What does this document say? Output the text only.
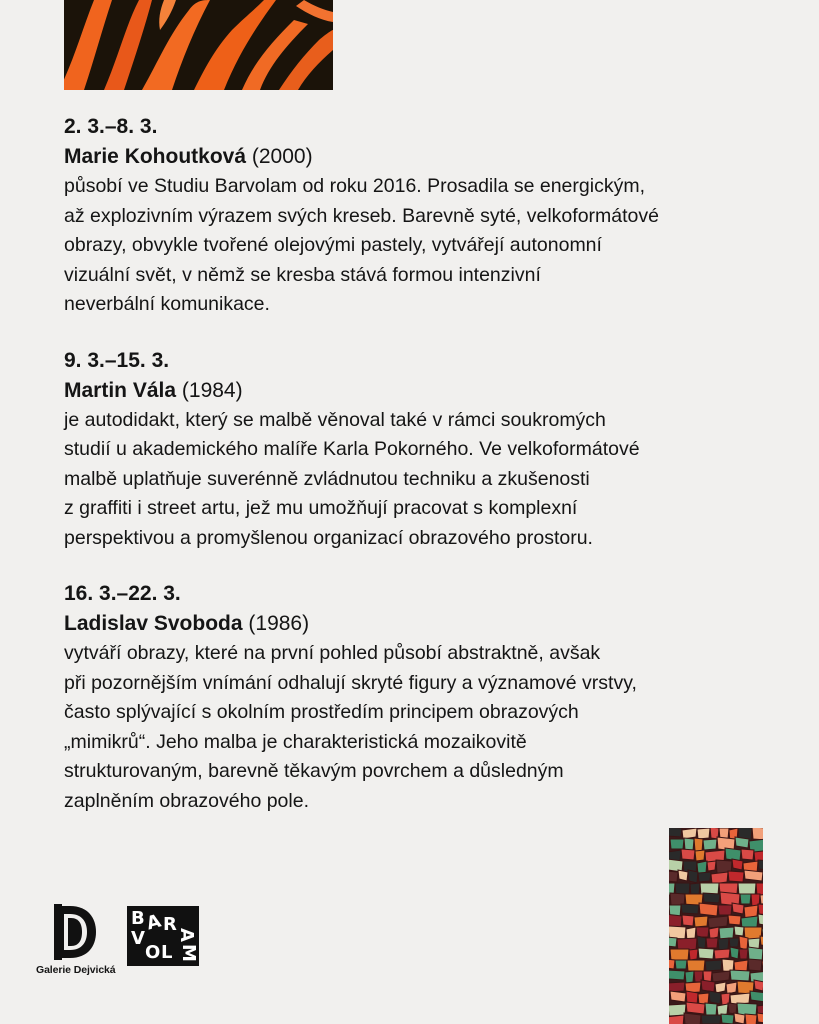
2. 3.–8. 3.
Marie Kohoutková (2000)

působí ve Studiu Barvolam od roku 2016. Prosadila se energickým,
až explozivním výrazem svých kreseb. Barevně syté, velkoformátové
obrazy, obvykle tvořené olejovými pastely, vytvářejí autonomní
vizuální svět, v němž se kresba stává formou intenzivní
neverbální komunikace.

9. 3.–15. 3.
Martin Vála (1984)

je autodidakt, který se malbě věnoval také v rámci soukromých
studií u akademického malíře Karla Pokorného. Ve velkoformátové
malbě uplatňuje suverénně zvládnutou techniku a zkušenosti
z graffiti i street artu, jež mu umožňují pracovat s komplexní
perspektivou a promyšlenou organizací obrazového prostoru.

16. 3.–22. 3.
Ladislav Svoboda (1986)

vytváří obrazy, které na první pohled působí abstraktně, avšak
při pozornějším vnímání odhalují skryté figury a významové vrstvy,
často splývající s okolním prostředím principem obrazových
„mimikrů“. Jeho malba je charakteristická mozaikovitě
strukturovaným, barevně těkavým povrchem a důsledným
zaplněním obrazového pole.

Galerie Dejvická
B A R
V
O L
A
M
